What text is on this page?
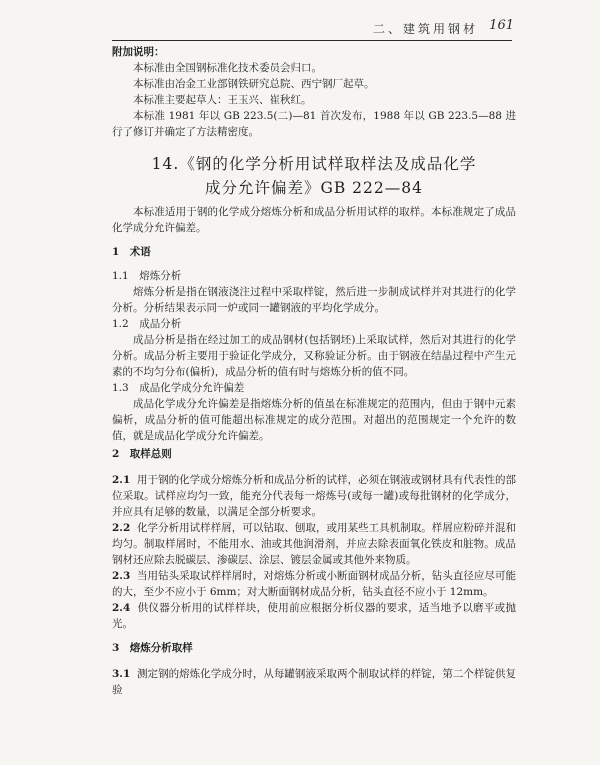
二、建筑用钢材 161
附加说明：
本标准由全国钢标准化技术委员会归口。
本标准由冶金工业部钢铁研究总院、西宁钢厂起草。
本标准主要起草人：王玉兴、崔秋红。
本标准 1981 年以 GB 223.5(二)—81 首次发布，1988 年以 GB 223.5—88 进行了修订并确定了方法精密度。
14.《钢的化学分析用试样取样法及成品化学
成分允许偏差》GB 222—84
本标准适用于钢的化学成分熔炼分析和成品分析用试样的取样。本标准规定了成品化学成分允许偏差。
1　术语
1.1　熔炼分析
熔炼分析是指在钢液浇注过程中采取样锭，然后进一步制成试样并对其进行的化学分析。分析结果表示同一炉或同一罐钢液的平均化学成分。
1.2　成品分析
成品分析是指在经过加工的成品钢材(包括钢坯)上采取试样，然后对其进行的化学分析。成品分析主要用于验证化学成分，又称验证分析。由于钢液在结晶过程中产生元素的不均匀分布(偏析)，成品分析的值有时与熔炼分析的值不同。
1.3　成品化学成分允许偏差
成品化学成分允许偏差是指熔炼分析的值虽在标准规定的范围内，但由于钢中元素偏析，成品分析的值可能超出标准规定的成分范围。对超出的范围规定一个允许的数值，就是成品化学成分允许偏差。
2　取样总则
2.1 用于钢的化学成分熔炼分析和成品分析的试样，必须在钢液或钢材具有代表性的部位采取。试样应均匀一致，能充分代表每一熔炼号(或每一罐)或每批钢材的化学成分，并应具有足够的数量，以满足全部分析要求。
2.2 化学分析用试样样屑，可以钻取、刨取，或用某些工具机制取。样屑应粉碎并混和均匀。制取样屑时，不能用水、油或其他润滑剂，并应去除表面氧化铁皮和脏物。成品钢材还应除去脱碳层、渗碳层、涂层、镀层金属或其他外来物质。
2.3 当用钻头采取试样样屑时，对熔炼分析或小断面钢材成品分析，钻头直径应尽可能的大，至少不应小于 6mm；对大断面钢材成品分析，钻头直径不应小于 12mm。
2.4 供仪器分析用的试样样块，使用前应根据分析仪器的要求，适当地予以磨平或抛光。
3　熔炼分析取样
3.1 测定钢的熔炼化学成分时，从每罐钢液采取两个制取试样的样锭，第二个样锭供复验
